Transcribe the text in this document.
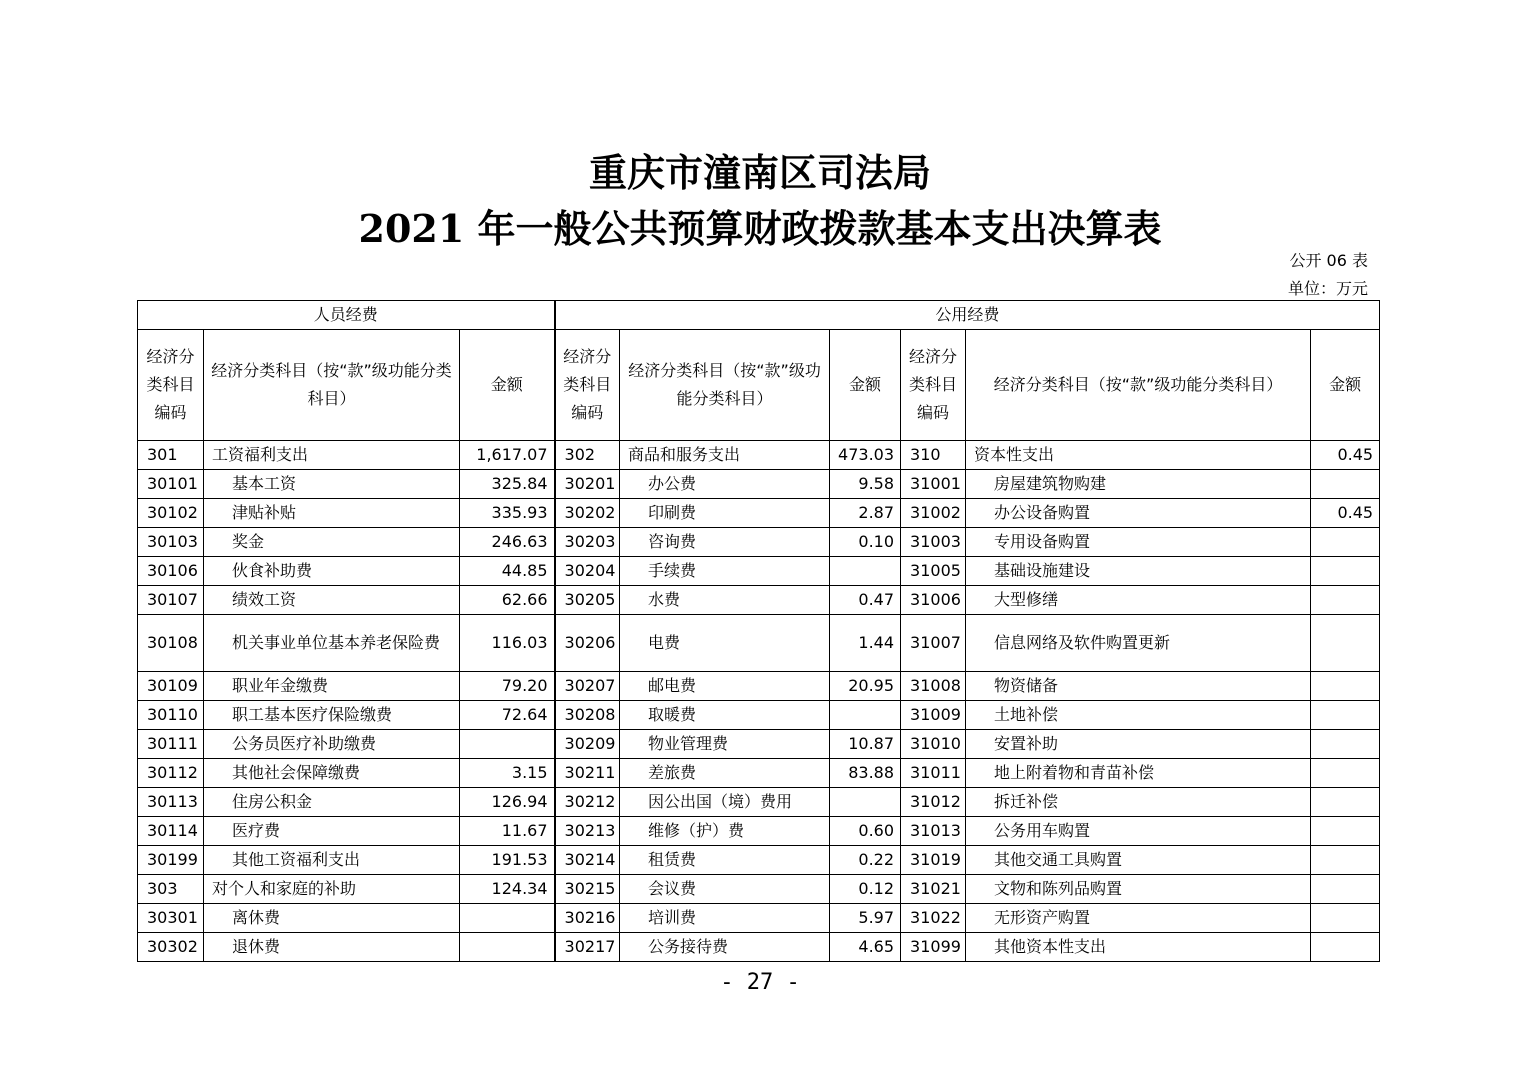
重庆市潼南区司法局
2021 年一般公共预算财政拨款基本支出决算表
公开 06 表
单位：万元
人员经费			公用经费					
经济分类科目编码	经济分类科目（按“款”级功能分类科目）	金额	经济分类科目编码	经济分类科目（按“款”级功能分类科目）	金额	经济分类科目编码	经济分类科目（按“款”级功能分类科目）	金额
301	工资福利支出	1,617.07	302	商品和服务支出	473.03	310	资本性支出	0.45
30101	基本工资	325.84	30201	办公费	9.58	31001	房屋建筑物购建	
30102	津贴补贴	335.93	30202	印刷费	2.87	31002	办公设备购置	0.45
30103	奖金	246.63	30203	咨询费	0.10	31003	专用设备购置	
30106	伙食补助费	44.85	30204	手续费		31005	基础设施建设	
30107	绩效工资	62.66	30205	水费	0.47	31006	大型修缮	
30108	机关事业单位基本养老保险费	116.03	30206	电费	1.44	31007	信息网络及软件购置更新	
30109	职业年金缴费	79.20	30207	邮电费	20.95	31008	物资储备	
30110	职工基本医疗保险缴费	72.64	30208	取暖费		31009	土地补偿	
30111	公务员医疗补助缴费		30209	物业管理费	10.87	31010	安置补助	
30112	其他社会保障缴费	3.15	30211	差旅费	83.88	31011	地上附着物和青苗补偿	
30113	住房公积金	126.94	30212	因公出国（境）费用		31012	拆迁补偿	
30114	医疗费	11.67	30213	维修（护）费	0.60	31013	公务用车购置	
30199	其他工资福利支出	191.53	30214	租赁费	0.22	31019	其他交通工具购置	
303	对个人和家庭的补助	124.34	30215	会议费	0.12	31021	文物和陈列品购置	
30301	离休费		30216	培训费	5.97	31022	无形资产购置	
30302	退休费		30217	公务接待费	4.65	31099	其他资本性支出	
- 27 -
